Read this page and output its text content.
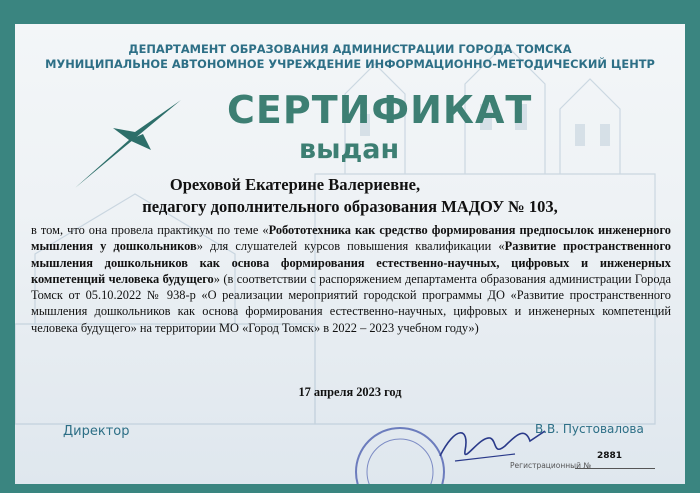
ДЕПАРТАМЕНТ ОБРАЗОВАНИЯ АДМИНИСТРАЦИИ ГОРОДА ТОМСКА
МУНИЦИПАЛЬНОЕ АВТОНОМНОЕ УЧРЕЖДЕНИЕ ИНФОРМАЦИОННО-МЕТОДИЧЕСКИЙ ЦЕНТР
СЕРТИФИКАТ
выдан
Ореховой Екатерине Валериевне,
педагогу дополнительного образования МАДОУ № 103,
в том, что она провела практикум по теме «Робототехника как средство формирования предпосылок инженерного мышления у дошкольников» для слушателей курсов повышения квалификации «Развитие пространственного мышления дошкольников как основа формирования естественно-научных, цифровых и инженерных компетенций человека будущего» (в соответствии с распоряжением департамента образования администрации Города Томск от 05.10.2022 № 938-р «О реализации мероприятий городской программы ДО «Развитие пространственного мышления дошкольников как основа формирования естественно-научных, цифровых и инженерных компетенций человека будущего» на территории МО «Город Томск» в 2022 – 2023 учебном году»)
17 апреля 2023 год
Директор	В.В. Пустовалова
Регистрационный №
2881
